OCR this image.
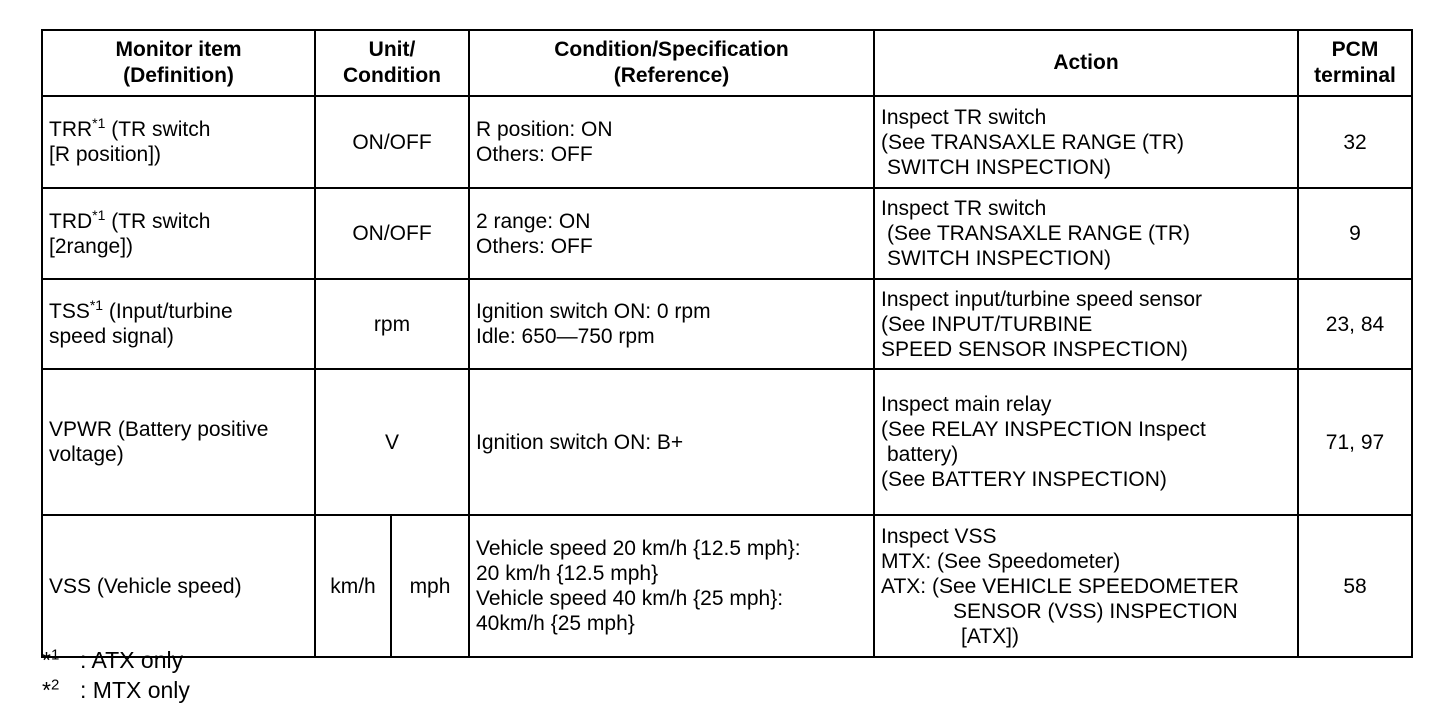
Monitor item
(Definition)	Unit/
Condition		Condition/Specification
(Reference)	Action	PCM
terminal

TRR$^{*1}$ (TR switch
[R position])	ON/OFF		R position: ON
Others: OFF	Inspect TR switch
(See TRANSAXLE RANGE (TR)
SWITCH INSPECTION)	32

TRD$^{*1}$ (TR switch
[2range])	ON/OFF		2 range: ON
Others: OFF	Inspect TR switch
(See TRANSAXLE RANGE (TR)
SWITCH INSPECTION)	9

TSS$^{*1}$ (Input/turbine
speed signal)	rpm		Ignition switch ON: 0 rpm
Idle: 650—750 rpm	Inspect input/turbine speed sensor
(See INPUT/TURBINE
SPEED SENSOR INSPECTION)	23, 84

VPWR (Battery positive
voltage)	V		Ignition switch ON: B+	Inspect main relay
(See RELAY INSPECTION Inspect
battery)
(See BATTERY INSPECTION)	71, 97

VSS (Vehicle speed)	km/h	mph	Vehicle speed 20 km/h {12.5 mph}:
20 km/h {12.5 mph}
Vehicle speed 40 km/h {25 mph}:
40km/h {25 mph}	Inspect VSS
MTX: (See Speedometer)
ATX: (See VEHICLE SPEEDOMETER
SENSOR (VSS) INSPECTION
[ATX])	58
*$^1$ : ATX only
*$^2$ : MTX only
